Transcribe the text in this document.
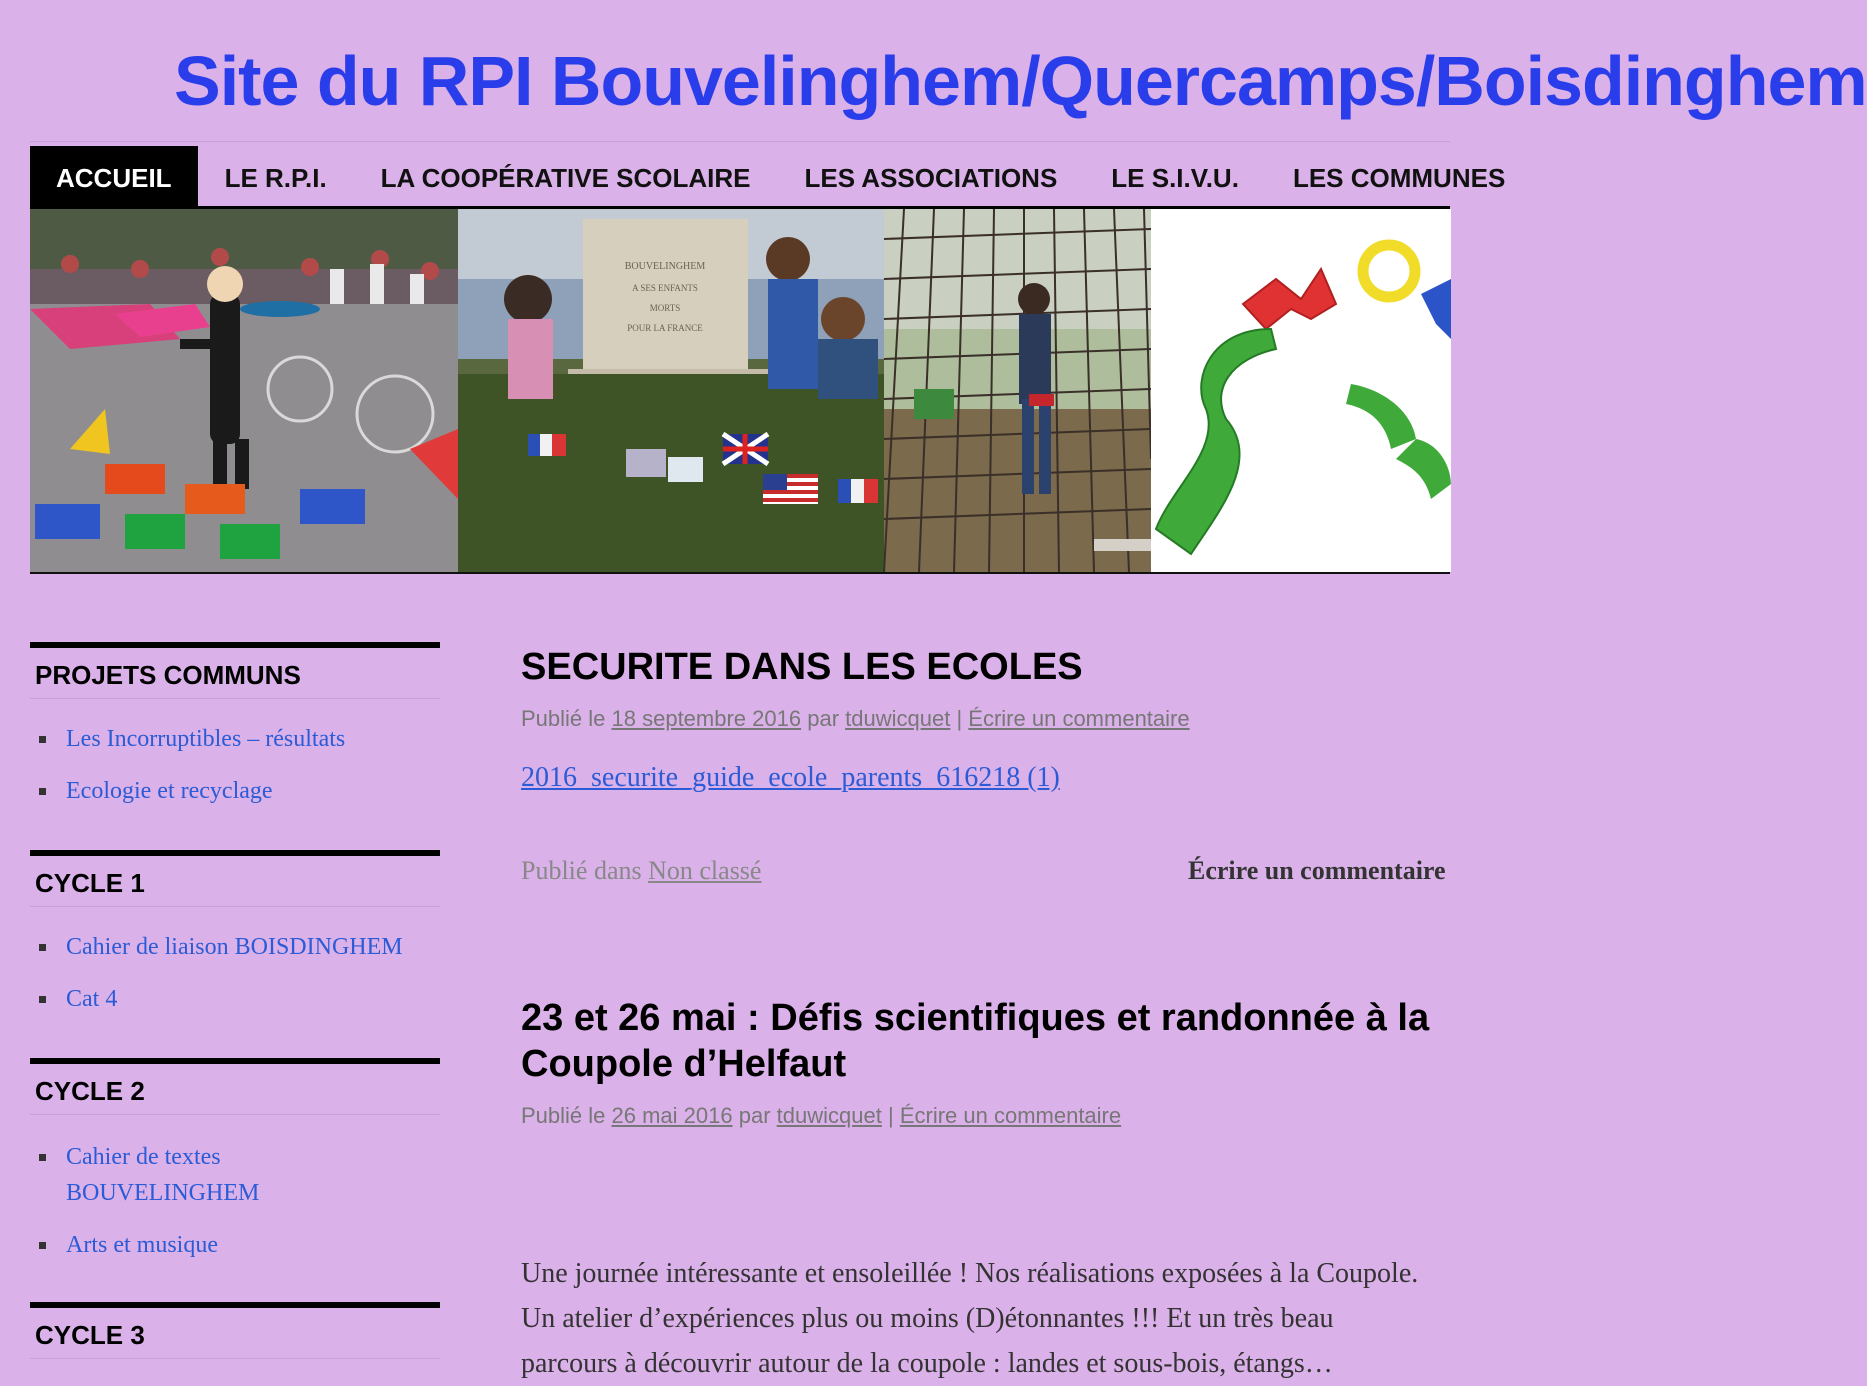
Site du RPI Bouvelinghem/Quercamps/Boisdinghem
ACCUEIL	LE R.P.I.	LA COOPÉRATIVE SCOLAIRE	LES ASSOCIATIONS	LE S.I.V.U.	LES COMMUNES
BOUVELINGHEM
A SES ENFANTS
MORTS
POUR LA FRANCE
PROJETS COMMUNS
Les Incorruptibles – résultats
Ecologie et recyclage
CYCLE 1
Cahier de liaison BOISDINGHEM
Cat 4
CYCLE 2
Cahier de textes BOUVELINGHEM
Arts et musique
CYCLE 3
SECURITE DANS LES ECOLES
Publié le 18 septembre 2016 par tduwicquet | Écrire un commentaire
2016_securite_guide_ecole_parents_616218 (1)
Publié dans Non classé	Écrire un commentaire
23 et 26 mai : Défis scientifiques et randonnée à la
Coupole d’Helfaut
Publié le 26 mai 2016 par tduwicquet | Écrire un commentaire
Une journée intéressante et ensoleillée ! Nos réalisations exposées à la Coupole.
Un atelier d’expériences plus ou moins (D)étonnantes !!! Et un très beau
parcours à découvrir autour de la coupole : landes et sous-bois, étangs…
